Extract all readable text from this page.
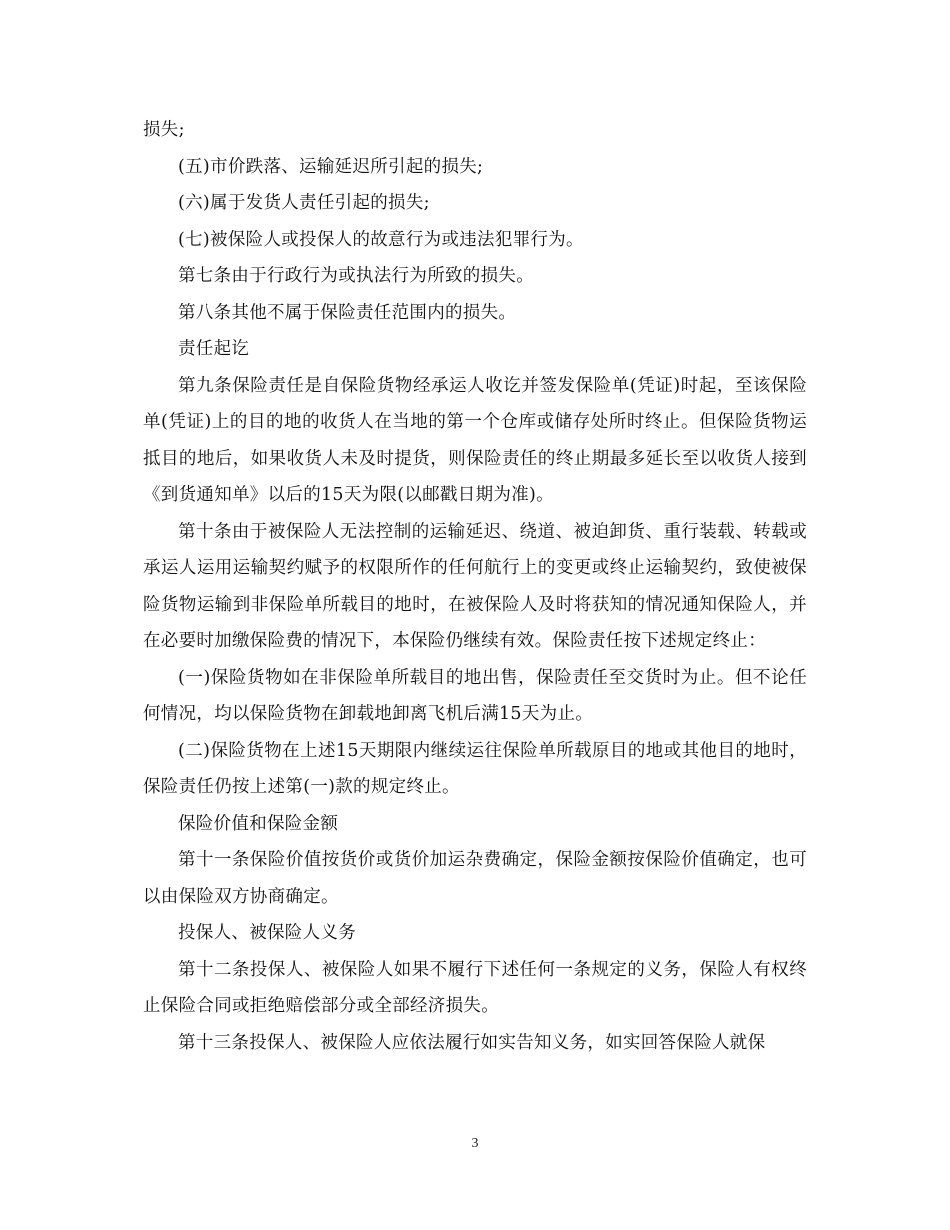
损失;

(五)市价跌落、运输延迟所引起的损失;

(六)属于发货人责任引起的损失;

(七)被保险人或投保人的故意行为或违法犯罪行为。

第七条由于行政行为或执法行为所致的损失。

第八条其他不属于保险责任范围内的损失。

责任起讫

第九条保险责任是自保险货物经承运人收讫并签发保险单(凭证)时起，至该保险单(凭证)上的目的地的收货人在当地的第一个仓库或储存处所时终止。但保险货物运抵目的地后，如果收货人未及时提货，则保险责任的终止期最多延长至以收货人接到《到货通知单》以后的15天为限(以邮戳日期为准)。

第十条由于被保险人无法控制的运输延迟、绕道、被迫卸货、重行装载、转载或承运人运用运输契约赋予的权限所作的任何航行上的变更或终止运输契约，致使被保险货物运输到非保险单所载目的地时，在被保险人及时将获知的情况通知保险人，并在必要时加缴保险费的情况下，本保险仍继续有效。保险责任按下述规定终止：

(一)保险货物如在非保险单所载目的地出售，保险责任至交货时为止。但不论任何情况，均以保险货物在卸载地卸离飞机后满15天为止。

(二)保险货物在上述15天期限内继续运往保险单所载原目的地或其他目的地时，保险责任仍按上述第(一)款的规定终止。

保险价值和保险金额

第十一条保险价值按货价或货价加运杂费确定，保险金额按保险价值确定，也可以由保险双方协商确定。

投保人、被保险人义务

第十二条投保人、被保险人如果不履行下述任何一条规定的义务，保险人有权终止保险合同或拒绝赔偿部分或全部经济损失。

第十三条投保人、被保险人应依法履行如实告知义务，如实回答保险人就保

3
